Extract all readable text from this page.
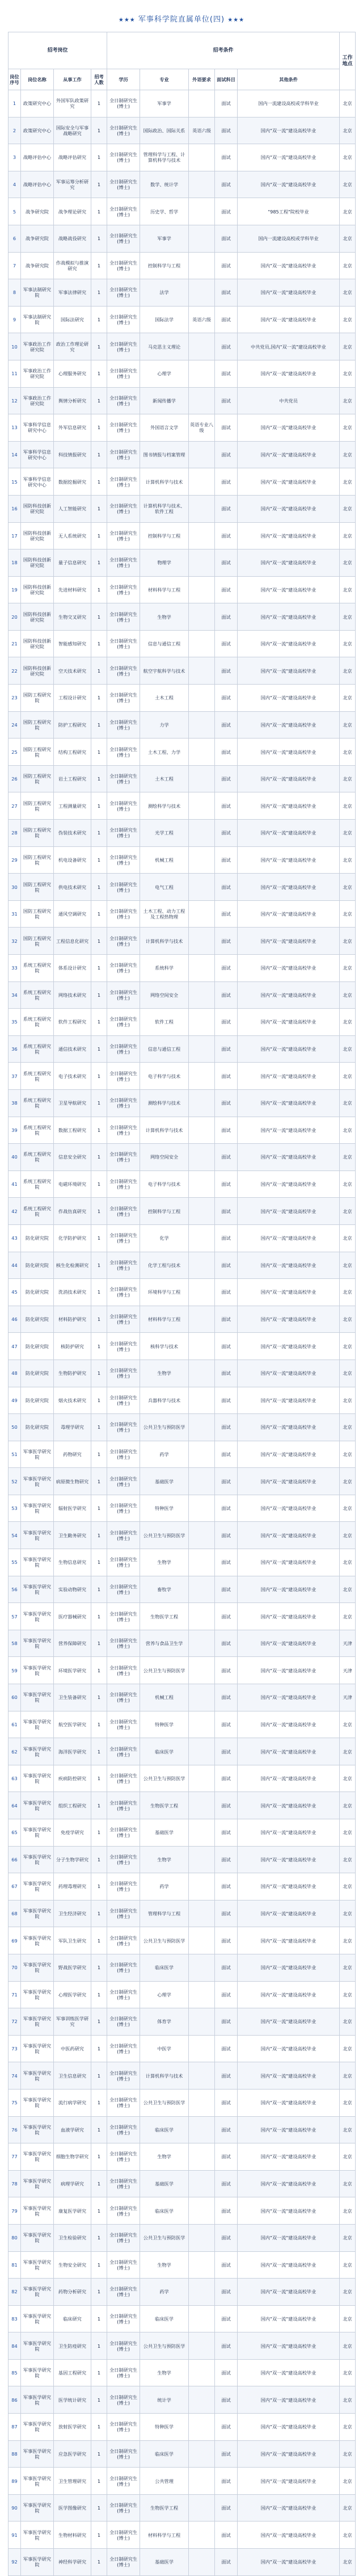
★★★ 军事科学院直属单位(四) ★★★
招考岗位				招考条件					工作地点
岗位序号	岗位名称	从事工作	招考人数	学历	专业	外语要求	面试科目	其他条件	
1	政策研究中心	外国军队政策研究	1	全日制研究生(博士)	军事学		面试	国内一流建设高校或学科毕业	北京
2	政策研究中心	国际安全与军事战略研究	1	全日制研究生(博士)	国际政治、国际关系	英语六级	面试	国内"双一流"建设高校毕业	北京
3	战略评估中心	战略评估研究	1	全日制研究生(博士)	管理科学与工程、计算机科学与技术		面试	国内"双一流"建设高校毕业	北京
4	战略评估中心	军事运筹分析研究	1	全日制研究生(博士)	数学、统计学		面试	国内"双一流"建设高校毕业	北京
5	战争研究院	战争理论研究	1	全日制研究生(博士)	历史学、哲学		面试	"985工程"院校毕业	北京
6	战争研究院	战略战役研究	1	全日制研究生(博士)	军事学		面试	国内一流建设高校或学科毕业	北京
7	战争研究院	作战模拟与推演研究	1	全日制研究生(博士)	控制科学与工程		面试	国内"双一流"建设高校毕业	北京
8	军事法制研究院	军事法律研究	1	全日制研究生(博士)	法学		面试	国内"双一流"建设高校毕业	北京
9	军事法制研究院	国际法研究	1	全日制研究生(博士)	国际法学	英语六级	面试	国内"双一流"建设高校毕业	北京
10	军事政治工作研究院	政治工作理论研究	1	全日制研究生(博士)	马克思主义理论		面试	中共党员,国内"双一流"建设高校毕业	北京
11	军事政治工作研究院	心理服务研究	1	全日制研究生(博士)	心理学		面试	国内"双一流"建设高校毕业	北京
12	军事政治工作研究院	舆情分析研究	1	全日制研究生(博士)	新闻传播学		面试	中共党员	北京
13	军事科学信息研究中心	外军信息研究	1	全日制研究生(博士)	外国语言文学	英语专业八级	面试	国内"双一流"建设高校毕业	北京
14	军事科学信息研究中心	科技情报研究	1	全日制研究生(博士)	图书情报与档案管理		面试	国内"双一流"建设高校毕业	北京
15	军事科学信息研究中心	数据挖掘研究	1	全日制研究生(博士)	计算机科学与技术		面试	国内"双一流"建设高校毕业	北京
16	国防科技创新研究院	人工智能研究	1	全日制研究生(博士)	计算机科学与技术、软件工程		面试	国内"双一流"建设高校毕业	北京
17	国防科技创新研究院	无人系统研究	1	全日制研究生(博士)	控制科学与工程		面试	国内"双一流"建设高校毕业	北京
18	国防科技创新研究院	量子信息研究	1	全日制研究生(博士)	物理学		面试	国内"双一流"建设高校毕业	北京
19	国防科技创新研究院	先进材料研究	1	全日制研究生(博士)	材料科学与工程		面试	国内"双一流"建设高校毕业	北京
20	国防科技创新研究院	生物交叉研究	1	全日制研究生(博士)	生物学		面试	国内"双一流"建设高校毕业	北京
21	国防科技创新研究院	智能感知研究	1	全日制研究生(博士)	信息与通信工程		面试	国内"双一流"建设高校毕业	北京
22	国防科技创新研究院	空天技术研究	1	全日制研究生(博士)	航空宇航科学与技术		面试	国内"双一流"建设高校毕业	北京
23	国防工程研究院	工程设计研究	1	全日制研究生(博士)	土木工程		面试	国内"双一流"建设高校毕业	北京
24	国防工程研究院	防护工程研究	1	全日制研究生(博士)	力学		面试	国内"双一流"建设高校毕业	北京
25	国防工程研究院	结构工程研究	1	全日制研究生(博士)	土木工程、力学		面试	国内"双一流"建设高校毕业	北京
26	国防工程研究院	岩土工程研究	1	全日制研究生(博士)	土木工程		面试	国内"双一流"建设高校毕业	北京
27	国防工程研究院	工程测量研究	1	全日制研究生(博士)	测绘科学与技术		面试	国内"双一流"建设高校毕业	北京
28	国防工程研究院	伪装技术研究	1	全日制研究生(博士)	光学工程		面试	国内"双一流"建设高校毕业	北京
29	国防工程研究院	机电设备研究	1	全日制研究生(博士)	机械工程		面试	国内"双一流"建设高校毕业	北京
30	国防工程研究院	供电技术研究	1	全日制研究生(博士)	电气工程		面试	国内"双一流"建设高校毕业	北京
31	国防工程研究院	通风空调研究	1	全日制研究生(博士)	土木工程、动力工程及工程热物理		面试	国内"双一流"建设高校毕业	北京
32	国防工程研究院	工程信息化研究	1	全日制研究生(博士)	计算机科学与技术		面试	国内"双一流"建设高校毕业	北京
33	系统工程研究院	体系设计研究	1	全日制研究生(博士)	系统科学		面试	国内"双一流"建设高校毕业	北京
34	系统工程研究院	网络技术研究	1	全日制研究生(博士)	网络空间安全		面试	国内"双一流"建设高校毕业	北京
35	系统工程研究院	软件工程研究	1	全日制研究生(博士)	软件工程		面试	国内"双一流"建设高校毕业	北京
36	系统工程研究院	通信技术研究	1	全日制研究生(博士)	信息与通信工程		面试	国内"双一流"建设高校毕业	北京
37	系统工程研究院	电子技术研究	1	全日制研究生(博士)	电子科学与技术		面试	国内"双一流"建设高校毕业	北京
38	系统工程研究院	卫星导航研究	1	全日制研究生(博士)	测绘科学与技术		面试	国内"双一流"建设高校毕业	北京
39	系统工程研究院	数据工程研究	1	全日制研究生(博士)	计算机科学与技术		面试	国内"双一流"建设高校毕业	北京
40	系统工程研究院	信息安全研究	1	全日制研究生(博士)	网络空间安全		面试	国内"双一流"建设高校毕业	北京
41	系统工程研究院	电磁环境研究	1	全日制研究生(博士)	电子科学与技术		面试	国内"双一流"建设高校毕业	北京
42	系统工程研究院	作战仿真研究	1	全日制研究生(博士)	控制科学与工程		面试	国内"双一流"建设高校毕业	北京
43	防化研究院	化学防护研究	1	全日制研究生(博士)	化学		面试	国内"双一流"建设高校毕业	北京
44	防化研究院	核生化检测研究	1	全日制研究生(博士)	化学工程与技术		面试	国内"双一流"建设高校毕业	北京
45	防化研究院	洗消技术研究	1	全日制研究生(博士)	环境科学与工程		面试	国内"双一流"建设高校毕业	北京
46	防化研究院	材料防护研究	1	全日制研究生(博士)	材料科学与工程		面试	国内"双一流"建设高校毕业	北京
47	防化研究院	核防护研究	1	全日制研究生(博士)	核科学与技术		面试	国内"双一流"建设高校毕业	北京
48	防化研究院	生物防护研究	1	全日制研究生(博士)	生物学		面试	国内"双一流"建设高校毕业	北京
49	防化研究院	烟火技术研究	1	全日制研究生(博士)	兵器科学与技术		面试	国内"双一流"建设高校毕业	北京
50	防化研究院	毒理学研究	1	全日制研究生(博士)	公共卫生与预防医学		面试	国内"双一流"建设高校毕业	北京
51	军事医学研究院	药物研究	1	全日制研究生(博士)	药学		面试	国内"双一流"建设高校毕业	北京
52	军事医学研究院	病原微生物研究	1	全日制研究生(博士)	基础医学		面试	国内"双一流"建设高校毕业	北京
53	军事医学研究院	辐射医学研究	1	全日制研究生(博士)	特种医学		面试	国内"双一流"建设高校毕业	北京
54	军事医学研究院	卫生勤务研究	1	全日制研究生(博士)	公共卫生与预防医学		面试	国内"双一流"建设高校毕业	北京
55	军事医学研究院	生物信息研究	1	全日制研究生(博士)	生物学		面试	国内"双一流"建设高校毕业	北京
56	军事医学研究院	实验动物研究	1	全日制研究生(博士)	畜牧学		面试	国内"双一流"建设高校毕业	北京
57	军事医学研究院	医疗器械研究	1	全日制研究生(博士)	生物医学工程		面试	国内"双一流"建设高校毕业	北京
58	军事医学研究院	营养保障研究	1	全日制研究生(博士)	营养与食品卫生学		面试	国内"双一流"建设高校毕业	天津
59	军事医学研究院	环境医学研究	1	全日制研究生(博士)	公共卫生与预防医学		面试	国内"双一流"建设高校毕业	天津
60	军事医学研究院	卫生装备研究	1	全日制研究生(博士)	机械工程		面试	国内"双一流"建设高校毕业	天津
61	军事医学研究院	航空医学研究	1	全日制研究生(博士)	特种医学		面试	国内"双一流"建设高校毕业	北京
62	军事医学研究院	海洋医学研究	1	全日制研究生(博士)	临床医学		面试	国内"双一流"建设高校毕业	北京
63	军事医学研究院	疾病防控研究	1	全日制研究生(博士)	公共卫生与预防医学		面试	国内"双一流"建设高校毕业	北京
64	军事医学研究院	组织工程研究	1	全日制研究生(博士)	生物医学工程		面试	国内"双一流"建设高校毕业	北京
65	军事医学研究院	免疫学研究	1	全日制研究生(博士)	基础医学		面试	国内"双一流"建设高校毕业	北京
66	军事医学研究院	分子生物学研究	1	全日制研究生(博士)	生物学		面试	国内"双一流"建设高校毕业	北京
67	军事医学研究院	药理毒理研究	1	全日制研究生(博士)	药学		面试	国内"双一流"建设高校毕业	北京
68	军事医学研究院	卫生经济研究	1	全日制研究生(博士)	管理科学与工程		面试	国内"双一流"建设高校毕业	北京
69	军事医学研究院	军队卫生研究	1	全日制研究生(博士)	公共卫生与预防医学		面试	国内"双一流"建设高校毕业	北京
70	军事医学研究院	野战医学研究	1	全日制研究生(博士)	临床医学		面试	国内"双一流"建设高校毕业	北京
71	军事医学研究院	心理医学研究	1	全日制研究生(博士)	心理学		面试	国内"双一流"建设高校毕业	北京
72	军事医学研究院	军事训练医学研究	1	全日制研究生(博士)	体育学		面试	国内"双一流"建设高校毕业	北京
73	军事医学研究院	中医药研究	1	全日制研究生(博士)	中医学		面试	国内"双一流"建设高校毕业	北京
74	军事医学研究院	卫生信息研究	1	全日制研究生(博士)	计算机科学与技术		面试	国内"双一流"建设高校毕业	北京
75	军事医学研究院	流行病学研究	1	全日制研究生(博士)	公共卫生与预防医学		面试	国内"双一流"建设高校毕业	北京
76	军事医学研究院	血液学研究	1	全日制研究生(博士)	临床医学		面试	国内"双一流"建设高校毕业	北京
77	军事医学研究院	细胞生物学研究	1	全日制研究生(博士)	生物学		面试	国内"双一流"建设高校毕业	北京
78	军事医学研究院	病理学研究	1	全日制研究生(博士)	基础医学		面试	国内"双一流"建设高校毕业	北京
79	军事医学研究院	康复医学研究	1	全日制研究生(博士)	临床医学		面试	国内"双一流"建设高校毕业	北京
80	军事医学研究院	卫生检验研究	1	全日制研究生(博士)	公共卫生与预防医学		面试	国内"双一流"建设高校毕业	北京
81	军事医学研究院	生物安全研究	1	全日制研究生(博士)	生物学		面试	国内"双一流"建设高校毕业	北京
82	军事医学研究院	药物分析研究	1	全日制研究生(博士)	药学		面试	国内"双一流"建设高校毕业	北京
83	军事医学研究院	临床研究	1	全日制研究生(博士)	临床医学		面试	国内"双一流"建设高校毕业	北京
84	军事医学研究院	卫生防疫研究	1	全日制研究生(博士)	公共卫生与预防医学		面试	国内"双一流"建设高校毕业	北京
85	军事医学研究院	基因工程研究	1	全日制研究生(博士)	生物学		面试	国内"双一流"建设高校毕业	北京
86	军事医学研究院	医学统计研究	1	全日制研究生(博士)	统计学		面试	国内"双一流"建设高校毕业	北京
87	军事医学研究院	放射医学研究	1	全日制研究生(博士)	特种医学		面试	国内"双一流"建设高校毕业	北京
88	军事医学研究院	应急医学研究	1	全日制研究生(博士)	临床医学		面试	国内"双一流"建设高校毕业	北京
89	军事医学研究院	卫生管理研究	1	全日制研究生(博士)	公共管理		面试	国内"双一流"建设高校毕业	北京
90	军事医学研究院	医学图像研究	1	全日制研究生(博士)	生物医学工程		面试	国内"双一流"建设高校毕业	北京
91	军事医学研究院	生物材料研究	1	全日制研究生(博士)	材料科学与工程		面试	国内"双一流"建设高校毕业	北京
92	军事医学研究院	神经科学研究	1	全日制研究生(博士)	基础医学		面试	国内"双一流"建设高校毕业	北京
